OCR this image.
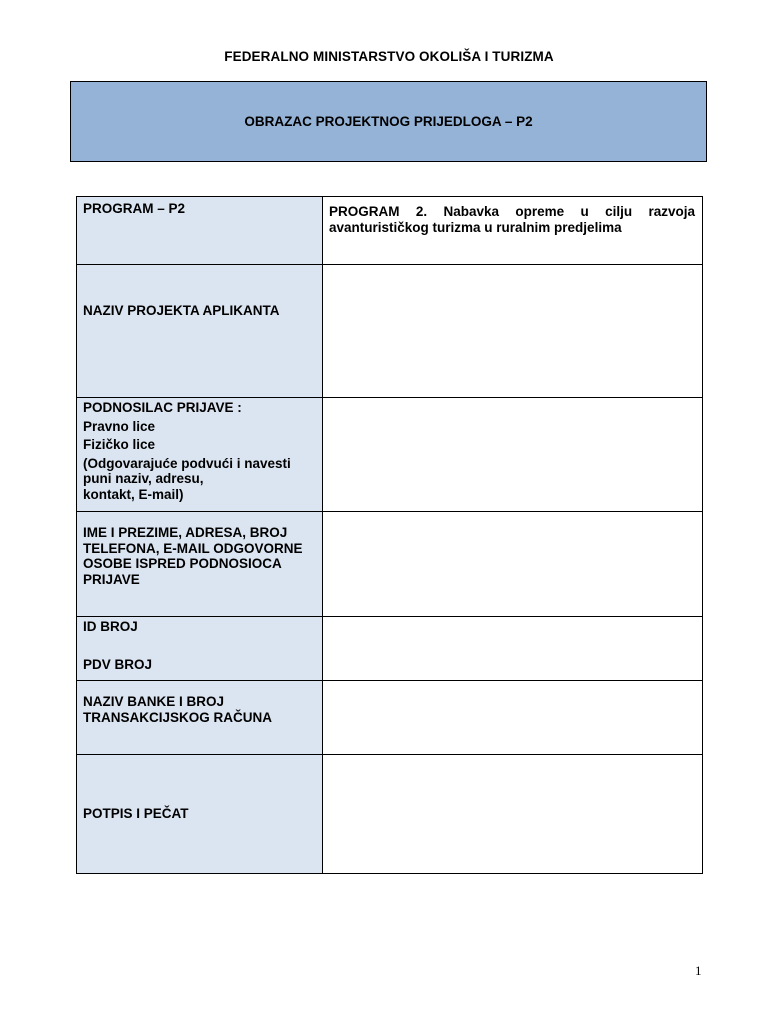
FEDERALNO MINISTARSTVO OKOLIŠA I TURIZMA
OBRAZAC PROJEKTNOG PRIJEDLOGA – P2
PROGRAM – P2	PROGRAM 2. Nabavka opreme u cilju razvoja avanturističkog turizma u ruralnim predjelima
NAZIV PROJEKTA APLIKANTA	

PODNOSILAC PRIJAVE :
Pravno lice
Fizičko lice
(Odgovarajuće podvući i navesti puni naziv, adresu,
kontakt, E-mail)	

IME I PREZIME, ADRESA, BROJ TELEFONA, E-MAIL ODGOVORNE OSOBE ISPRED PODNOSIOCA PRIJAVE	
ID BROJ
PDV BROJ	

NAZIV BANKE I BROJ TRANSAKCIJSKOG RAČUNA	
POTPIS I PEČAT	
1
